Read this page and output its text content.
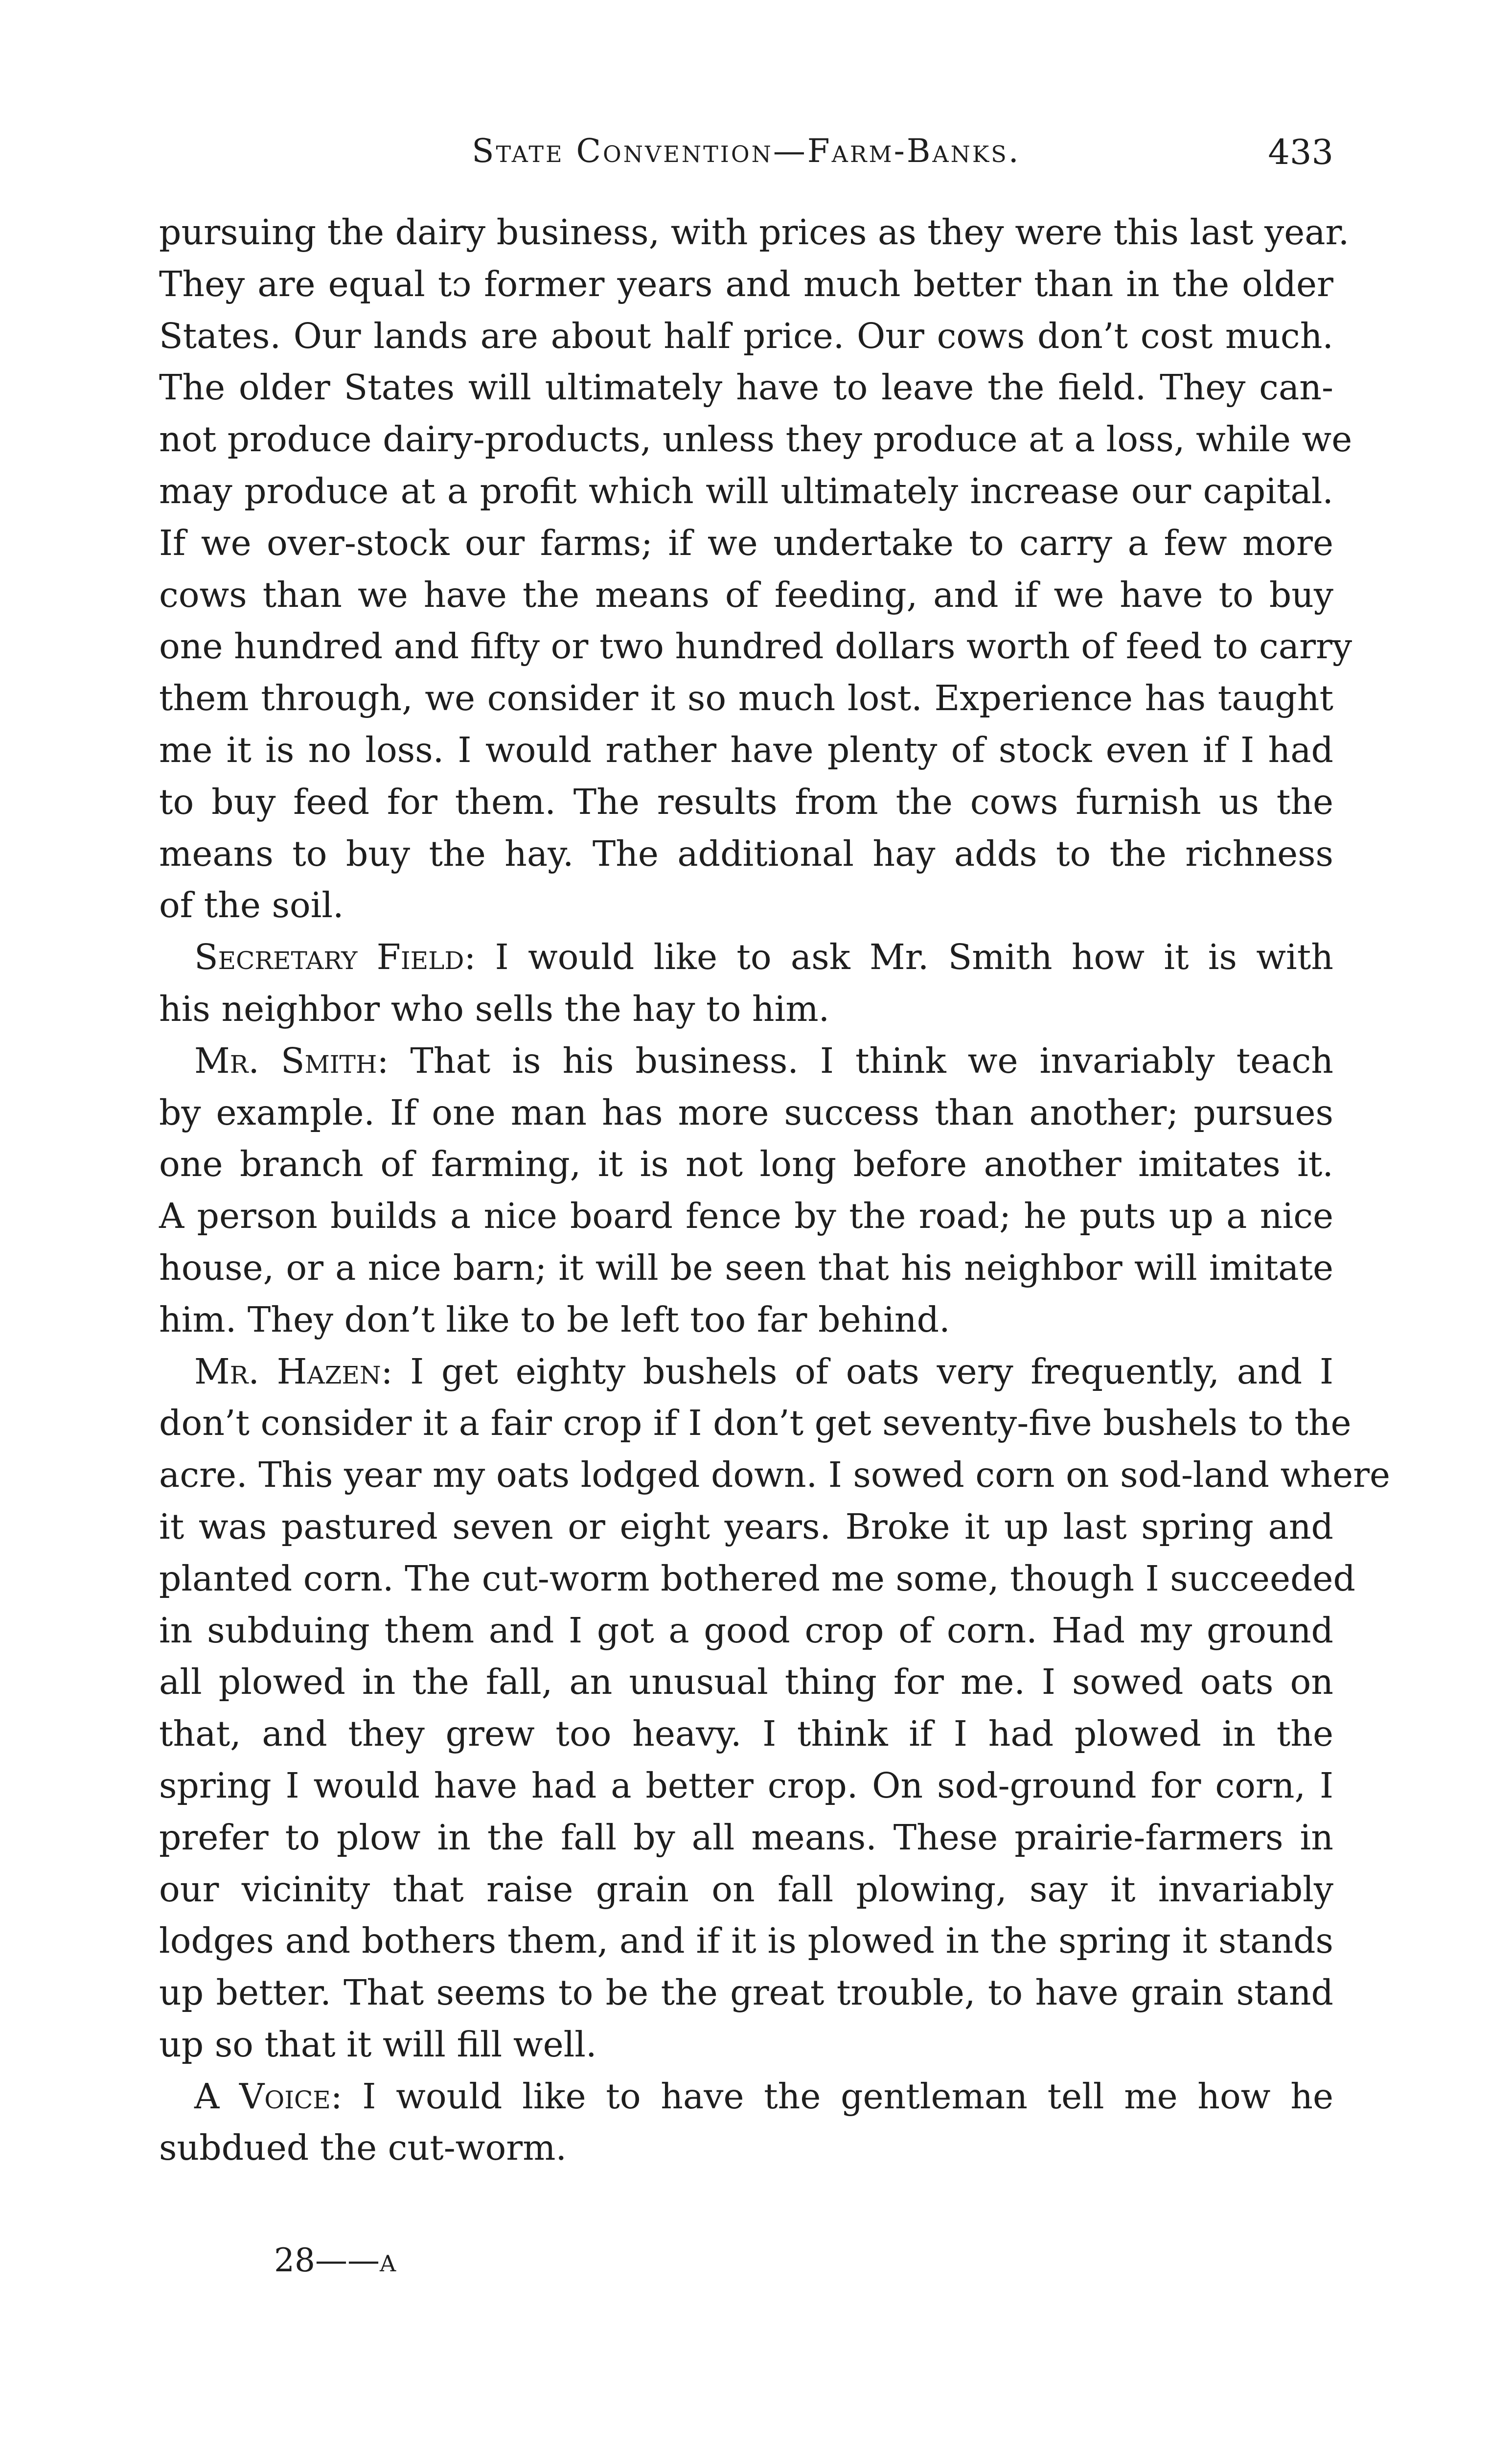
State Convention—Farm-Banks.	433
pursuing the dairy business, with prices as they were this last year.
They are equal tɔ former years and much better than in the older
States. Our lands are about half price. Our cows don’t cost much.
The older States will ultimately have to leave the field. They can-
not produce dairy-products, unless they produce at a loss, while we
may produce at a profit which will ultimately increase our capital.
If we over-stock our farms; if we undertake to carry a few more
cows than we have the means of feeding, and if we have to buy
one hundred and fifty or two hundred dollars worth of feed to carry
them through, we consider it so much lost. Experience has taught
me it is no loss. I would rather have plenty of stock even if I had
to buy feed for them. The results from the cows furnish us the
means to buy the hay. The additional hay adds to the richness
of the soil.
Secretary Field: I would like to ask Mr. Smith how it is with
his neighbor who sells the hay to him.
Mr. Smith: That is his business. I think we invariably teach
by example. If one man has more success than another; pursues
one branch of farming, it is not long before another imitates it.
A person builds a nice board fence by the road; he puts up a nice
house, or a nice barn; it will be seen that his neighbor will imitate
him. They don’t like to be left too far behind.
Mr. Hazen: I get eighty bushels of oats very frequently, and I
don’t consider it a fair crop if I don’t get seventy-five bushels to the
acre. This year my oats lodged down. I sowed corn on sod-land where
it was pastured seven or eight years. Broke it up last spring and
planted corn. The cut-worm bothered me some, though I succeeded
in subduing them and I got a good crop of corn. Had my ground
all plowed in the fall, an unusual thing for me. I sowed oats on
that, and they grew too heavy. I think if I had plowed in the
spring I would have had a better crop. On sod-ground for corn, I
prefer to plow in the fall by all means. These prairie-farmers in
our vicinity that raise grain on fall plowing, say it invariably
lodges and bothers them, and if it is plowed in the spring it stands
up better. That seems to be the great trouble, to have grain stand
up so that it will fill well.
A Voice: I would like to have the gentleman tell me how he
subdued the cut-worm.
28——a
